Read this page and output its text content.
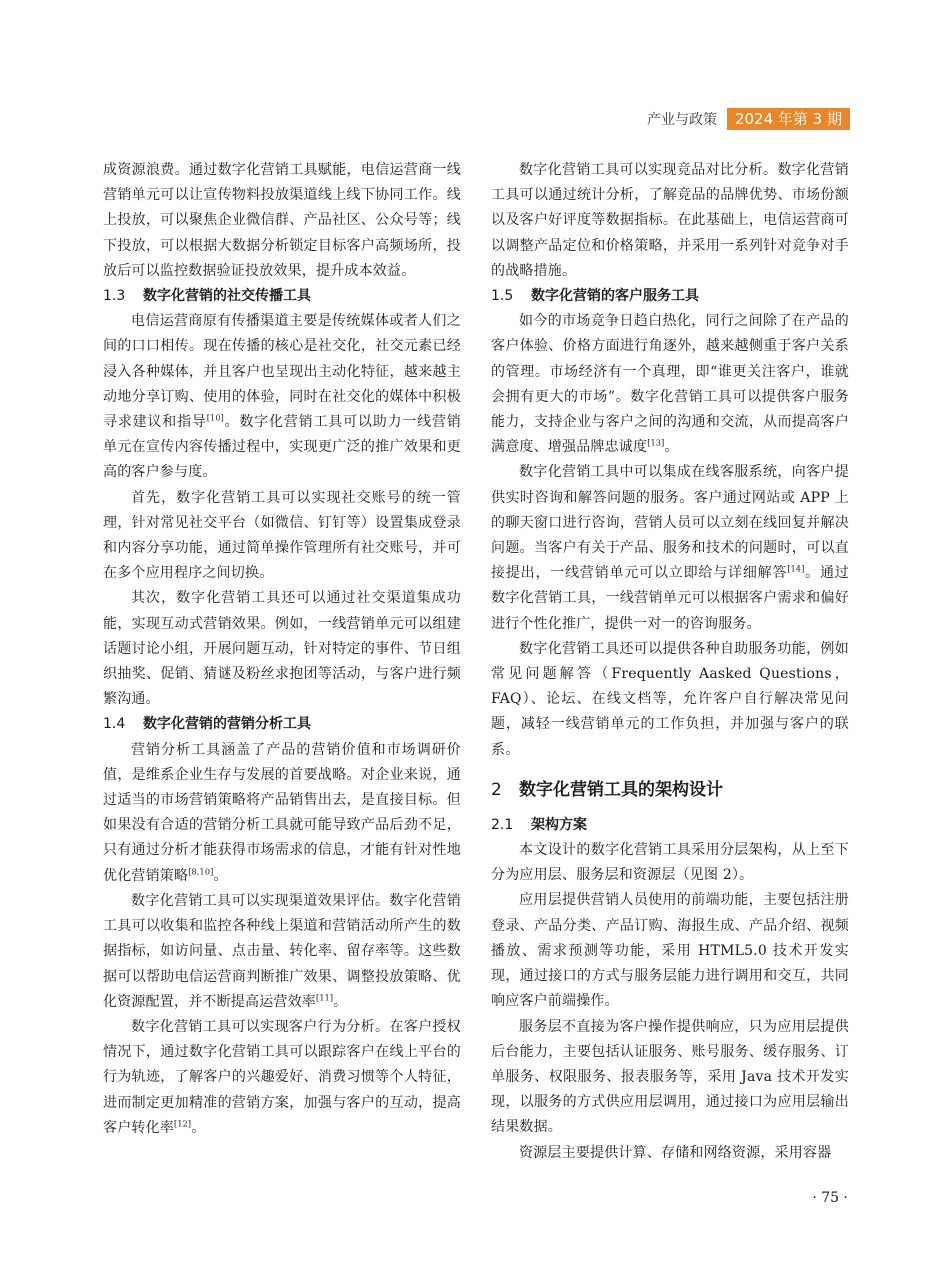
产业与政策	2024 年第 3 期

成资源浪费。通过数字化营销工具赋能，电信运营商一线营销单元可以让宣传物料投放渠道线上线下协同工作。线上投放，可以聚焦企业微信群、产品社区、公众号等；线下投放，可以根据大数据分析锁定目标客户高频场所，投放后可以监控数据验证投放效果，提升成本效益。

1.3 数字化营销的社交传播工具

电信运营商原有传播渠道主要是传统媒体或者人们之间的口口相传。现在传播的核心是社交化，社交元素已经浸入各种媒体，并且客户也呈现出主动化特征，越来越主动地分享订购、使用的体验，同时在社交化的媒体中积极寻求建议和指导[10]。数字化营销工具可以助力一线营销单元在宣传内容传播过程中，实现更广泛的推广效果和更高的客户参与度。

首先，数字化营销工具可以实现社交账号的统一管理，针对常见社交平台（如微信、钉钉等）设置集成登录和内容分享功能，通过简单操作管理所有社交账号，并可在多个应用程序之间切换。

其次，数字化营销工具还可以通过社交渠道集成功能，实现互动式营销效果。例如，一线营销单元可以组建话题讨论小组，开展问题互动，针对特定的事件、节日组织抽奖、促销、猜谜及粉丝求抱团等活动，与客户进行频繁沟通。

1.4 数字化营销的营销分析工具

营销分析工具涵盖了产品的营销价值和市场调研价值，是维系企业生存与发展的首要战略。对企业来说，通过适当的市场营销策略将产品销售出去，是直接目标。但如果没有合适的营销分析工具就可能导致产品后劲不足，只有通过分析才能获得市场需求的信息，才能有针对性地优化营销策略[8,10]。

数字化营销工具可以实现渠道效果评估。数字化营销工具可以收集和监控各种线上渠道和营销活动所产生的数据指标，如访问量、点击量、转化率、留存率等。这些数据可以帮助电信运营商判断推广效果、调整投放策略、优化资源配置，并不断提高运营效率[11]。

数字化营销工具可以实现客户行为分析。在客户授权情况下，通过数字化营销工具可以跟踪客户在线上平台的行为轨迹，了解客户的兴趣爱好、消费习惯等个人特征，进而制定更加精准的营销方案，加强与客户的互动，提高客户转化率[12]。

数字化营销工具可以实现竞品对比分析。数字化营销工具可以通过统计分析，了解竞品的品牌优势、市场份额以及客户好评度等数据指标。在此基础上，电信运营商可以调整产品定位和价格策略，并采用一系列针对竞争对手的战略措施。

1.5 数字化营销的客户服务工具

如今的市场竞争日趋白热化，同行之间除了在产品的客户体验、价格方面进行角逐外，越来越侧重于客户关系的管理。市场经济有一个真理，即“谁更关注客户，谁就会拥有更大的市场”。数字化营销工具可以提供客户服务能力，支持企业与客户之间的沟通和交流，从而提高客户满意度、增强品牌忠诚度[13]。

数字化营销工具中可以集成在线客服系统，向客户提供实时咨询和解答问题的服务。客户通过网站或 APP 上的聊天窗口进行咨询，营销人员可以立刻在线回复并解决问题。当客户有关于产品、服务和技术的问题时，可以直接提出，一线营销单元可以立即给与详细解答[14]。通过数字化营销工具，一线营销单元可以根据客户需求和偏好进行个性化推广，提供一对一的咨询服务。

数字化营销工具还可以提供各种自助服务功能，例如常见问题解答（Frequently Aasked Questions，FAQ）、论坛、在线文档等，允许客户自行解决常见问题，减轻一线营销单元的工作负担，并加强与客户的联系。

2 数字化营销工具的架构设计
2.1 架构方案

本文设计的数字化营销工具采用分层架构，从上至下分为应用层、服务层和资源层（见图 2）。

应用层提供营销人员使用的前端功能，主要包括注册登录、产品分类、产品订购、海报生成、产品介绍、视频播放、需求预测等功能，采用 HTML5.0 技术开发实现，通过接口的方式与服务层能力进行调用和交互，共同响应客户前端操作。

服务层不直接为客户操作提供响应，只为应用层提供后台能力，主要包括认证服务、账号服务、缓存服务、订单服务、权限服务、报表服务等，采用 Java 技术开发实现，以服务的方式供应用层调用，通过接口为应用层输出结果数据。

资源层主要提供计算、存储和网络资源，采用容器

· 75 ·
